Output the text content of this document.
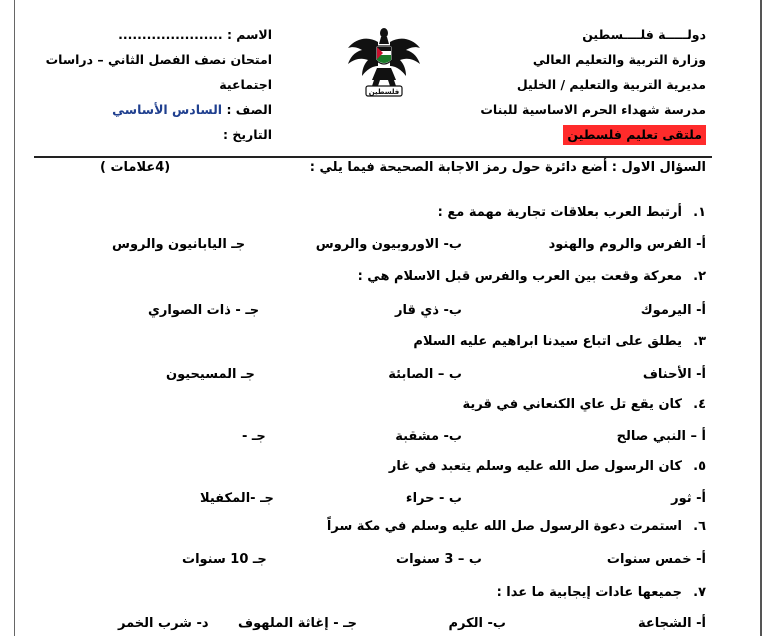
دولـــــة فلــــسطين
وزارة التربية والتعليم العالي
مديرية التربية والتعليم / الخليل
مدرسة شهداء الحرم الاساسية للبنات
ملتقى تعليم فلسطين
فلسطين
الاسم : ......................
امتحان نصف الفصل الثاني – دراسات
اجتماعية
الصف : السادس الأساسي
التاريخ :
السؤال الاول : أضع دائرة حول رمز الاجابة الصحيحة فيما يلي :
(4علامات )
١.أرتبط العرب بعلاقات تجارية مهمة مع :
أ- الفرس والروم والهنود
ب- الاوروبيون والروس
جـ اليابانيون والروس
٢.معركة وقعت بين العرب والفرس قبل الاسلام هي :
أ- اليرموك
ب- ذي قار
جـ - ذات الصواري
٣.يطلق على اتباع سيدنا ابراهيم عليه السلام
أ- الأحناف
ب – الصابئة
جـ المسيحيون
٤.كان يقع تل عاي الكنعاني في قرية
أ – النبي صالح
ب- مشقبة
جـ -
٥.كان الرسول صل الله عليه وسلم يتعبد في غار
أ- ثور
ب - حراء
جـ -المكفيلا
٦.استمرت دعوة الرسول صل الله عليه وسلم في مكة سراً
أ- خمس سنوات
ب – 3 سنوات
جـ 10 سنوات
٧.جميعها عادات إيجابية ما عدا :
أ- الشجاعة
ب- الكرم
جـ - إغاثة الملهوف
د- شرب الخمر
